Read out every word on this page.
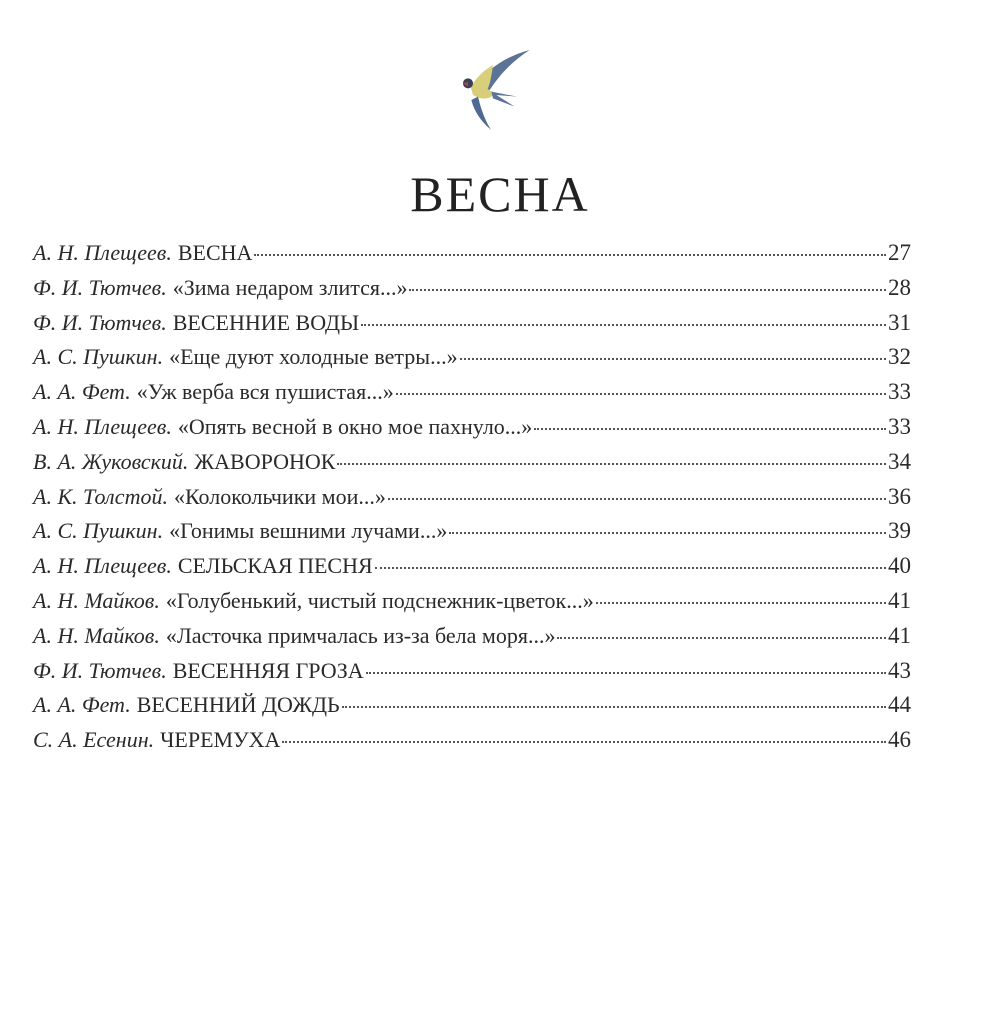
ВЕСНА
А. Н. Плещеев. ВЕСНА	27
Ф. И. Тютчев. «Зима недаром злится...»	28
Ф. И. Тютчев. ВЕСЕННИЕ ВОДЫ	31
А. С. Пушкин. «Еще дуют холодные ветры...»	32
А. А. Фет. «Уж верба вся пушистая...»	33
А. Н. Плещеев. «Опять весной в окно мое пахнуло...»	33
В. А. Жуковский. ЖАВОРОНОК	34
А. К. Толстой. «Колокольчики мои...»	36
А. С. Пушкин. «Гонимы вешними лучами...»	39
А. Н. Плещеев. СЕЛЬСКАЯ ПЕСНЯ	40
А. Н. Майков. «Голубенький, чистый подснежник-цветок...»	41
А. Н. Майков. «Ласточка примчалась из-за бела моря...»	41
Ф. И. Тютчев. ВЕСЕННЯЯ ГРОЗА	43
А. А. Фет. ВЕСЕННИЙ ДОЖДЬ	44
С. А. Есенин. ЧЕРЕМУХА	46
